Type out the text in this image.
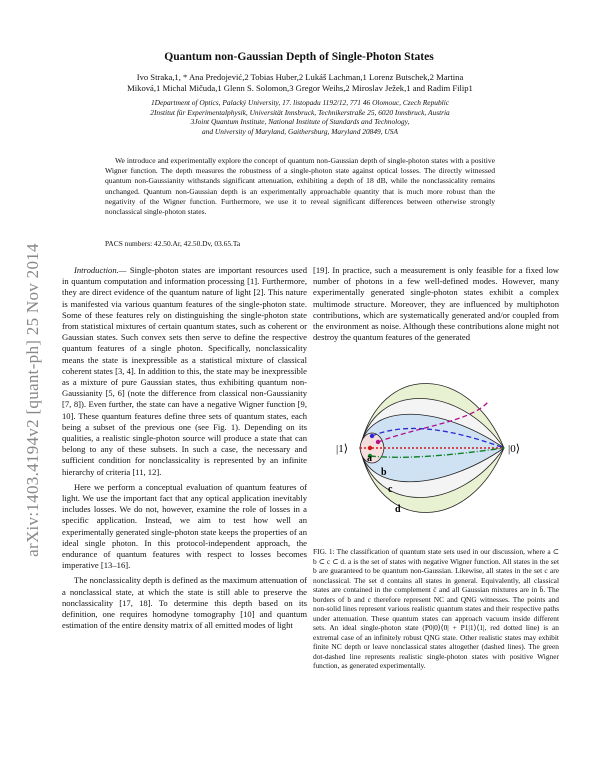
arXiv:1403.4194v2 [quant-ph] 25 Nov 2014
Quantum non-Gaussian Depth of Single-Photon States
Ivo Straka,1, * Ana Predojević,2 Tobias Huber,2 Lukáš Lachman,1 Lorenz Butschek,2 Martina
Miková,1 Michal Mičuda,1 Glenn S. Solomon,3 Gregor Weihs,2 Miroslav Ježek,1 and Radim Filip1
1Department of Optics, Palacký University, 17. listopadu 1192/12, 771 46 Olomouc, Czech Republic
2Institut für Experimentalphysik, Universität Innsbruck, Technikerstraße 25, 6020 Innsbruck, Austria
3Joint Quantum Institute, National Institute of Standards and Technology,
and University of Maryland, Gaithersburg, Maryland 20849, USA
We introduce and experimentally explore the concept of quantum non-Gaussian depth of single-photon states with a positive Wigner function. The depth measures the robustness of a single-photon state against optical losses. The directly witnessed quantum non-Gaussianity withstands significant attenuation, exhibiting a depth of 18 dB, while the nonclassicality remains unchanged. Quantum non-Gaussian depth is an experimentally approachable quantity that is much more robust than the negativity of the Wigner function. Furthermore, we use it to reveal significant differences between otherwise strongly nonclassical single-photon states.
PACS numbers: 42.50.Ar, 42.50.Dv, 03.65.Ta

Introduction.— Single-photon states are important resources used in quantum computation and information processing [1]. Furthermore, they are direct evidence of the quantum nature of light [2]. This nature is manifested via various quantum features of the single-photon state. Some of these features rely on distinguishing the single-photon state from statistical mixtures of certain quantum states, such as coherent or Gaussian states. Such convex sets then serve to define the respective quantum features of a single photon. Specifically, nonclassicality means the state is inexpressible as a statistical mixture of classical coherent states [3, 4]. In addition to this, the state may be inexpressible as a mixture of pure Gaussian states, thus exhibiting quantum non-Gaussianity [5, 6] (note the difference from classical non-Gaussianity [7, 8]). Even further, the state can have a negative Wigner function [9, 10]. These quantum features define three sets of quantum states, each being a subset of the previous one (see Fig. 1). Depending on its qualities, a realistic single-photon source will produce a state that can belong to any of these subsets. In such a case, the necessary and sufficient condition for nonclassicality is represented by an infinite hierarchy of criteria [11, 12].

Here we perform a conceptual evaluation of quantum features of light. We use the important fact that any optical application inevitably includes losses. We do not, however, examine the role of losses in a specific application. Instead, we aim to test how well an experimentally generated single-photon state keeps the properties of an ideal single photon. In this protocol-independent approach, the endurance of quantum features with respect to losses becomes imperative [13–16].

The nonclassicality depth is defined as the maximum attenuation of a nonclassical state, at which the state is still able to preserve the nonclassicality [17, 18]. To determine this depth based on its definition, one requires homodyne tomography [10] and quantum estimation of the entire density matrix of all emitted modes of light

[19]. In practice, such a measurement is only feasible for a fixed low number of photons in a few well-defined modes. However, many experimentally generated single-photon states exhibit a complex multimode structure. Moreover, they are influenced by multiphoton contributions, which are systematically generated and/or coupled from the environment as noise. Although these contributions alone might not destroy the quantum features of the generated

|1⟩	|0⟩
a
b
c
d
FIG. 1: The classification of quantum state sets used in our discussion, where a ⊂ b ⊂ c ⊂ d. a is the set of states with negative Wigner function. All states in the set b are guaranteed to be quantum non-Gaussian. Likewise, all states in the set c are nonclassical. The set d contains all states in general. Equivalently, all classical states are contained in the complement c̄ and all Gaussian mixtures are in b̄. The borders of b and c therefore represent NC and QNG witnesses. The points and non-solid lines represent various realistic quantum states and their respective paths under attenuation. These quantum states can approach vacuum inside different sets. An ideal single-photon state (P0|0⟩⟨0| + P1|1⟩⟨1|, red dotted line) is an extremal case of an infinitely robust QNG state. Other realistic states may exhibit finite NC depth or leave nonclassical states altogether (dashed lines). The green dot-dashed line represents realistic single-photon states with positive Wigner function, as generated experimentally.
